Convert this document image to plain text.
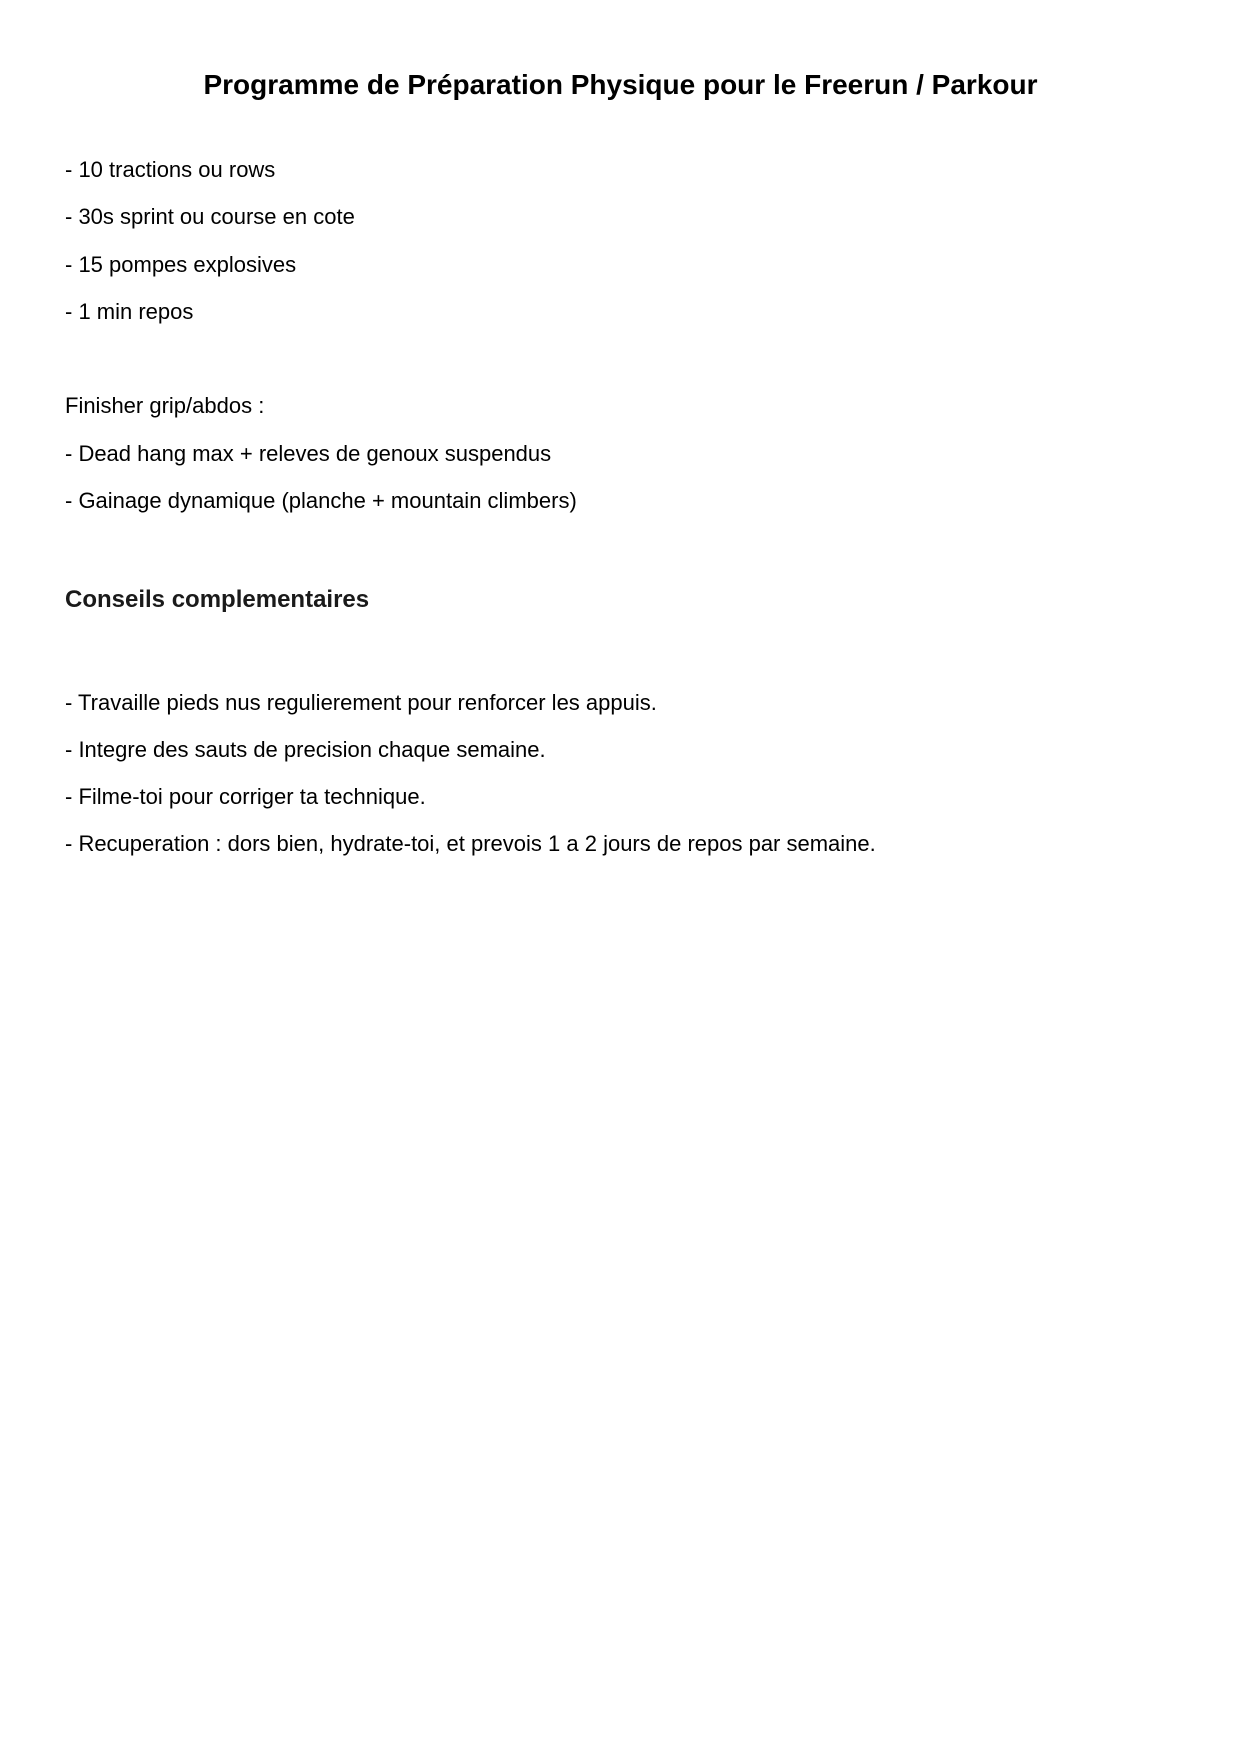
Programme de Préparation Physique pour le Freerun / Parkour

- 10 tractions ou rows

- 30s sprint ou course en cote

- 15 pompes explosives

- 1 min repos

Finisher grip/abdos :

- Dead hang max + releves de genoux suspendus

- Gainage dynamique (planche + mountain climbers)

Conseils complementaires

- Travaille pieds nus regulierement pour renforcer les appuis.

- Integre des sauts de precision chaque semaine.

- Filme-toi pour corriger ta technique.

- Recuperation : dors bien, hydrate-toi, et prevois 1 a 2 jours de repos par semaine.
